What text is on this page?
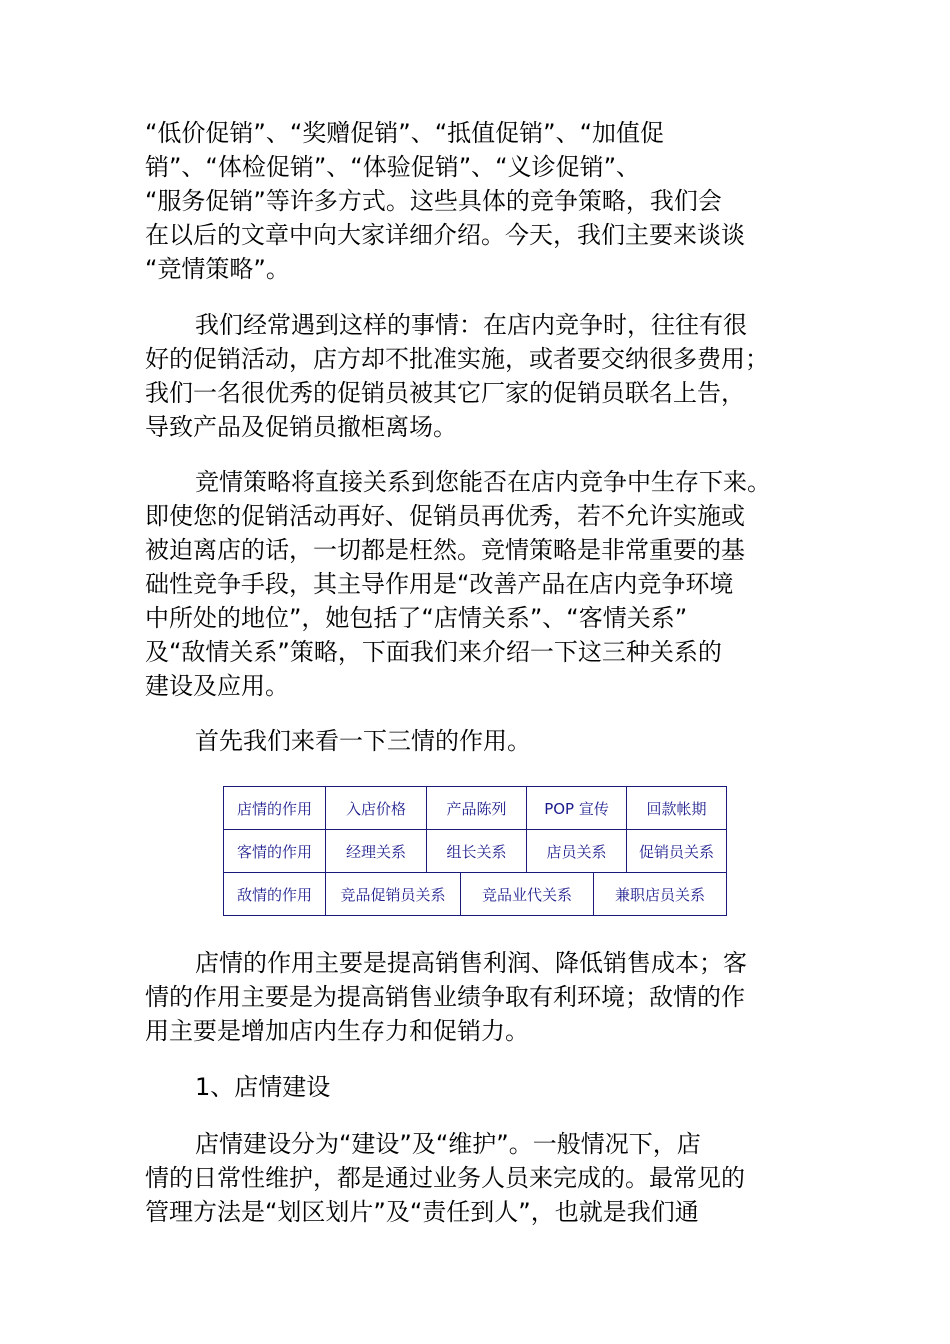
“低价促销”、“奖赠促销”、“抵值促销”、“加值促
销”、“体检促销”、“体验促销”、“义诊促销”、
“服务促销”等许多方式。这些具体的竞争策略，我们会
在以后的文章中向大家详细介绍。今天，我们主要来谈谈
“竞情策略”。
我们经常遇到这样的事情：在店内竞争时，往往有很
好的促销活动，店方却不批准实施，或者要交纳很多费用；
我们一名很优秀的促销员被其它厂家的促销员联名上告，
导致产品及促销员撤柜离场。
竞情策略将直接关系到您能否在店内竞争中生存下来。
即使您的促销活动再好、促销员再优秀，若不允许实施或
被迫离店的话，一切都是枉然。竞情策略是非常重要的基
础性竞争手段，其主导作用是“改善产品在店内竞争环境
中所处的地位”，她包括了“店情关系”、“客情关系”
及“敌情关系”策略，下面我们来介绍一下这三种关系的
建设及应用。
首先我们来看一下三情的作用。
店情的作用	入店价格	产品陈列		POP 宣传		回款帐期
客情的作用	经理关系	组长关系		店员关系		促销员关系
敌情的作用	竞品促销员关系		竞品业代关系		兼职店员关系	
店情的作用主要是提高销售利润、降低销售成本；客
情的作用主要是为提高销售业绩争取有利环境；敌情的作
用主要是增加店内生存力和促销力。
1、店情建设
店情建设分为“建设”及“维护”。一般情况下，店
情的日常性维护，都是通过业务人员来完成的。最常见的
管理方法是“划区划片”及“责任到人”，也就是我们通
